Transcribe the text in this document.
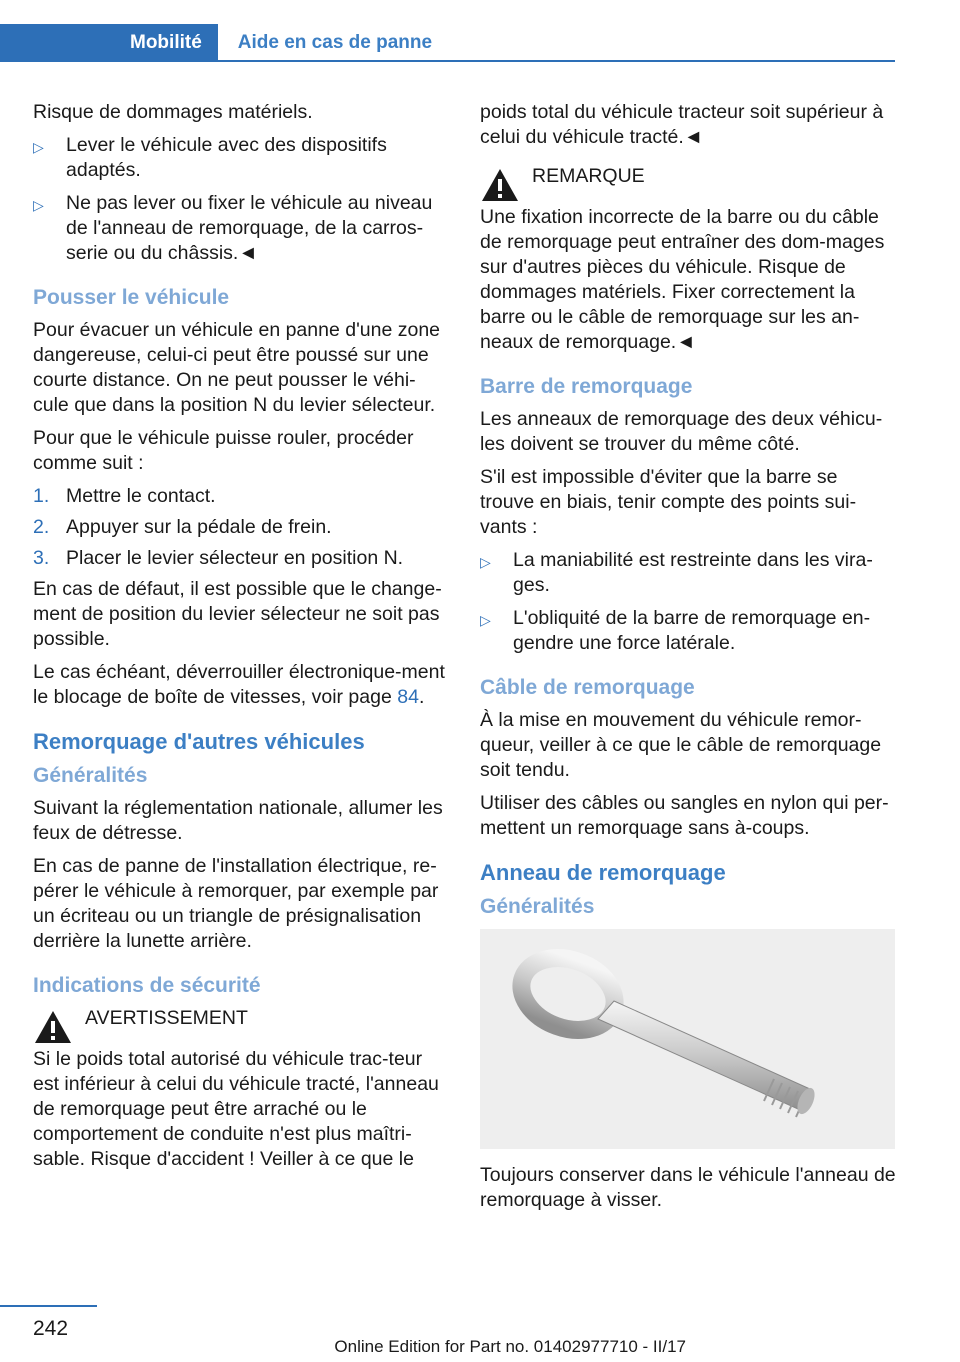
Mobilité	Aide en cas de panne

Risque de dommages matériels.

▷	Lever le véhicule avec des dispositifs adaptés.
▷	Ne pas lever ou fixer le véhicule au niveau de l'anneau de remorquage, de la carros-serie ou du châssis.◄
Pousser le véhicule

Pour évacuer un véhicule en panne d'une zone dangereuse, celui-ci peut être poussé sur une courte distance. On ne peut pousser le véhi-cule que dans la position N du levier sélecteur.

Pour que le véhicule puisse rouler, procéder comme suit :

1. Mettre le contact.
2. Appuyer sur la pédale de frein.
3. Placer le levier sélecteur en position N.

En cas de défaut, il est possible que le change-ment de position du levier sélecteur ne soit pas possible.

Le cas échéant, déverrouiller électronique-ment le blocage de boîte de vitesses, voir page 84.

Remorquage d'autres véhicules
Généralités

Suivant la réglementation nationale, allumer les feux de détresse.

En cas de panne de l'installation électrique, re-pérer le véhicule à remorquer, par exemple par un écriteau ou un triangle de présignalisation derrière la lunette arrière.

Indications de sécurité
AVERTISSEMENT

Si le poids total autorisé du véhicule trac-teur est inférieur à celui du véhicule tracté, l'anneau de remorquage peut être arraché ou le comportement de conduite n'est plus maîtri-sable. Risque d'accident ! Veiller à ce que le

poids total du véhicule tracteur soit supérieur à celui du véhicule tracté.◄

REMARQUE

Une fixation incorrecte de la barre ou du câble de remorquage peut entraîner des dom-mages sur d'autres pièces du véhicule. Risque de dommages matériels. Fixer correctement la barre ou le câble de remorquage sur les an-neaux de remorquage.◄

Barre de remorquage

Les anneaux de remorquage des deux véhicu-les doivent se trouver du même côté.

S'il est impossible d'éviter que la barre se trouve en biais, tenir compte des points sui-vants :

▷	La maniabilité est restreinte dans les vira-ges.
▷	L'obliquité de la barre de remorquage en-gendre une force latérale.
Câble de remorquage

À la mise en mouvement du véhicule remor-queur, veiller à ce que le câble de remorquage soit tendu.

Utiliser des câbles ou sangles en nylon qui per-mettent un remorquage sans à-coups.

Anneau de remorquage
Généralités

Toujours conserver dans le véhicule l'anneau de remorquage à visser.

242
Online Edition for Part no. 01402977710 - II/17
